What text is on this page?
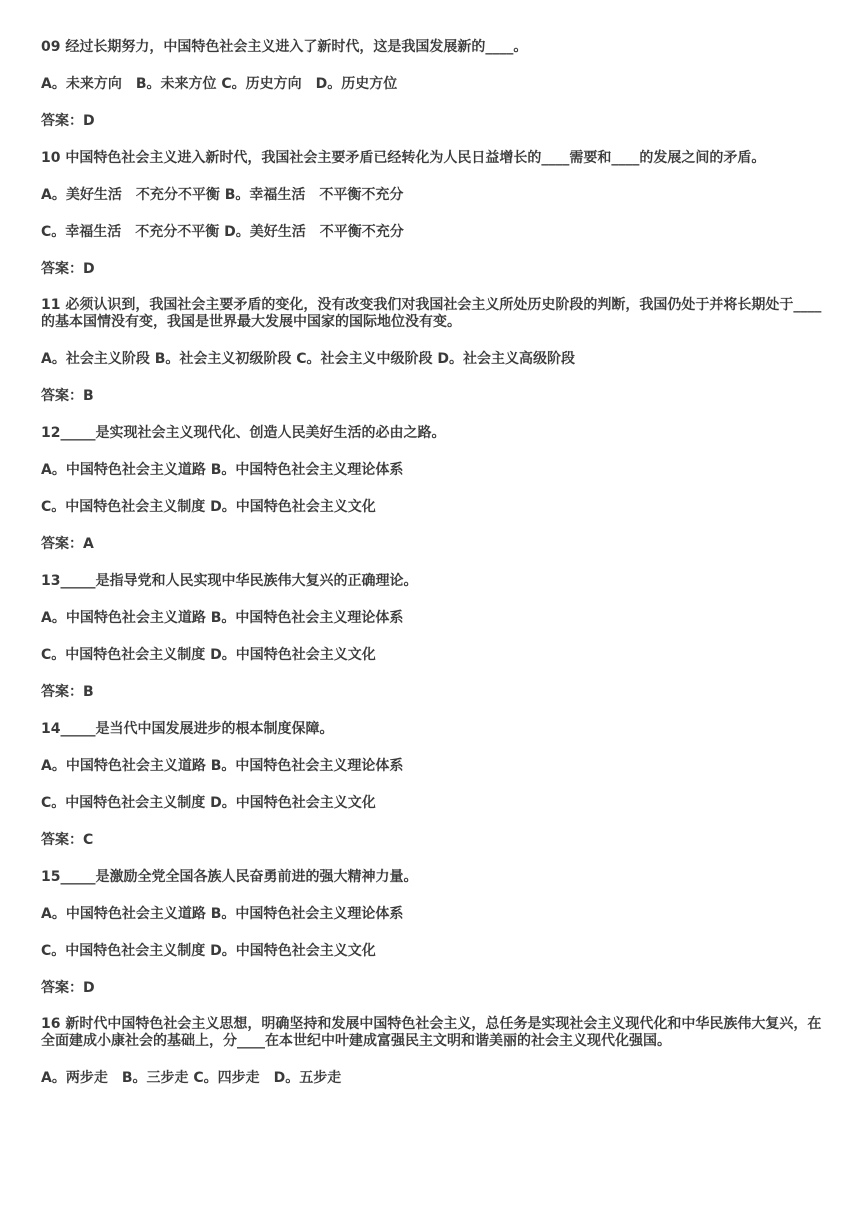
09 经过长期努力，中国特色社会主义进入了新时代，这是我国发展新的____。

A。未来方向　B。未来方位 C。历史方向　D。历史方位

答案：D

10 中国特色社会主义进入新时代，我国社会主要矛盾已经转化为人民日益增长的____需要和____的发展之间的矛盾。

A。美好生活　不充分不平衡 B。幸福生活　不平衡不充分

C。幸福生活　不充分不平衡 D。美好生活　不平衡不充分

答案：D

11 必须认识到，我国社会主要矛盾的变化，没有改变我们对我国社会主义所处历史阶段的判断，我国仍处于并将长期处于____的基本国情没有变，我国是世界最大发展中国家的国际地位没有变。

A。社会主义阶段 B。社会主义初级阶段 C。社会主义中级阶段 D。社会主义高级阶段

答案：B

12_____是实现社会主义现代化、创造人民美好生活的必由之路。

A。中国特色社会主义道路 B。中国特色社会主义理论体系

C。中国特色社会主义制度 D。中国特色社会主义文化

答案：A

13_____是指导党和人民实现中华民族伟大复兴的正确理论。

A。中国特色社会主义道路 B。中国特色社会主义理论体系

C。中国特色社会主义制度 D。中国特色社会主义文化

答案：B

14_____是当代中国发展进步的根本制度保障。

A。中国特色社会主义道路 B。中国特色社会主义理论体系

C。中国特色社会主义制度 D。中国特色社会主义文化

答案：C

15_____是激励全党全国各族人民奋勇前进的强大精神力量。

A。中国特色社会主义道路 B。中国特色社会主义理论体系

C。中国特色社会主义制度 D。中国特色社会主义文化

答案：D

16 新时代中国特色社会主义思想，明确坚持和发展中国特色社会主义，总任务是实现社会主义现代化和中华民族伟大复兴，在全面建成小康社会的基础上，分____在本世纪中叶建成富强民主文明和谐美丽的社会主义现代化强国。

A。两步走　B。三步走 C。四步走　D。五步走
